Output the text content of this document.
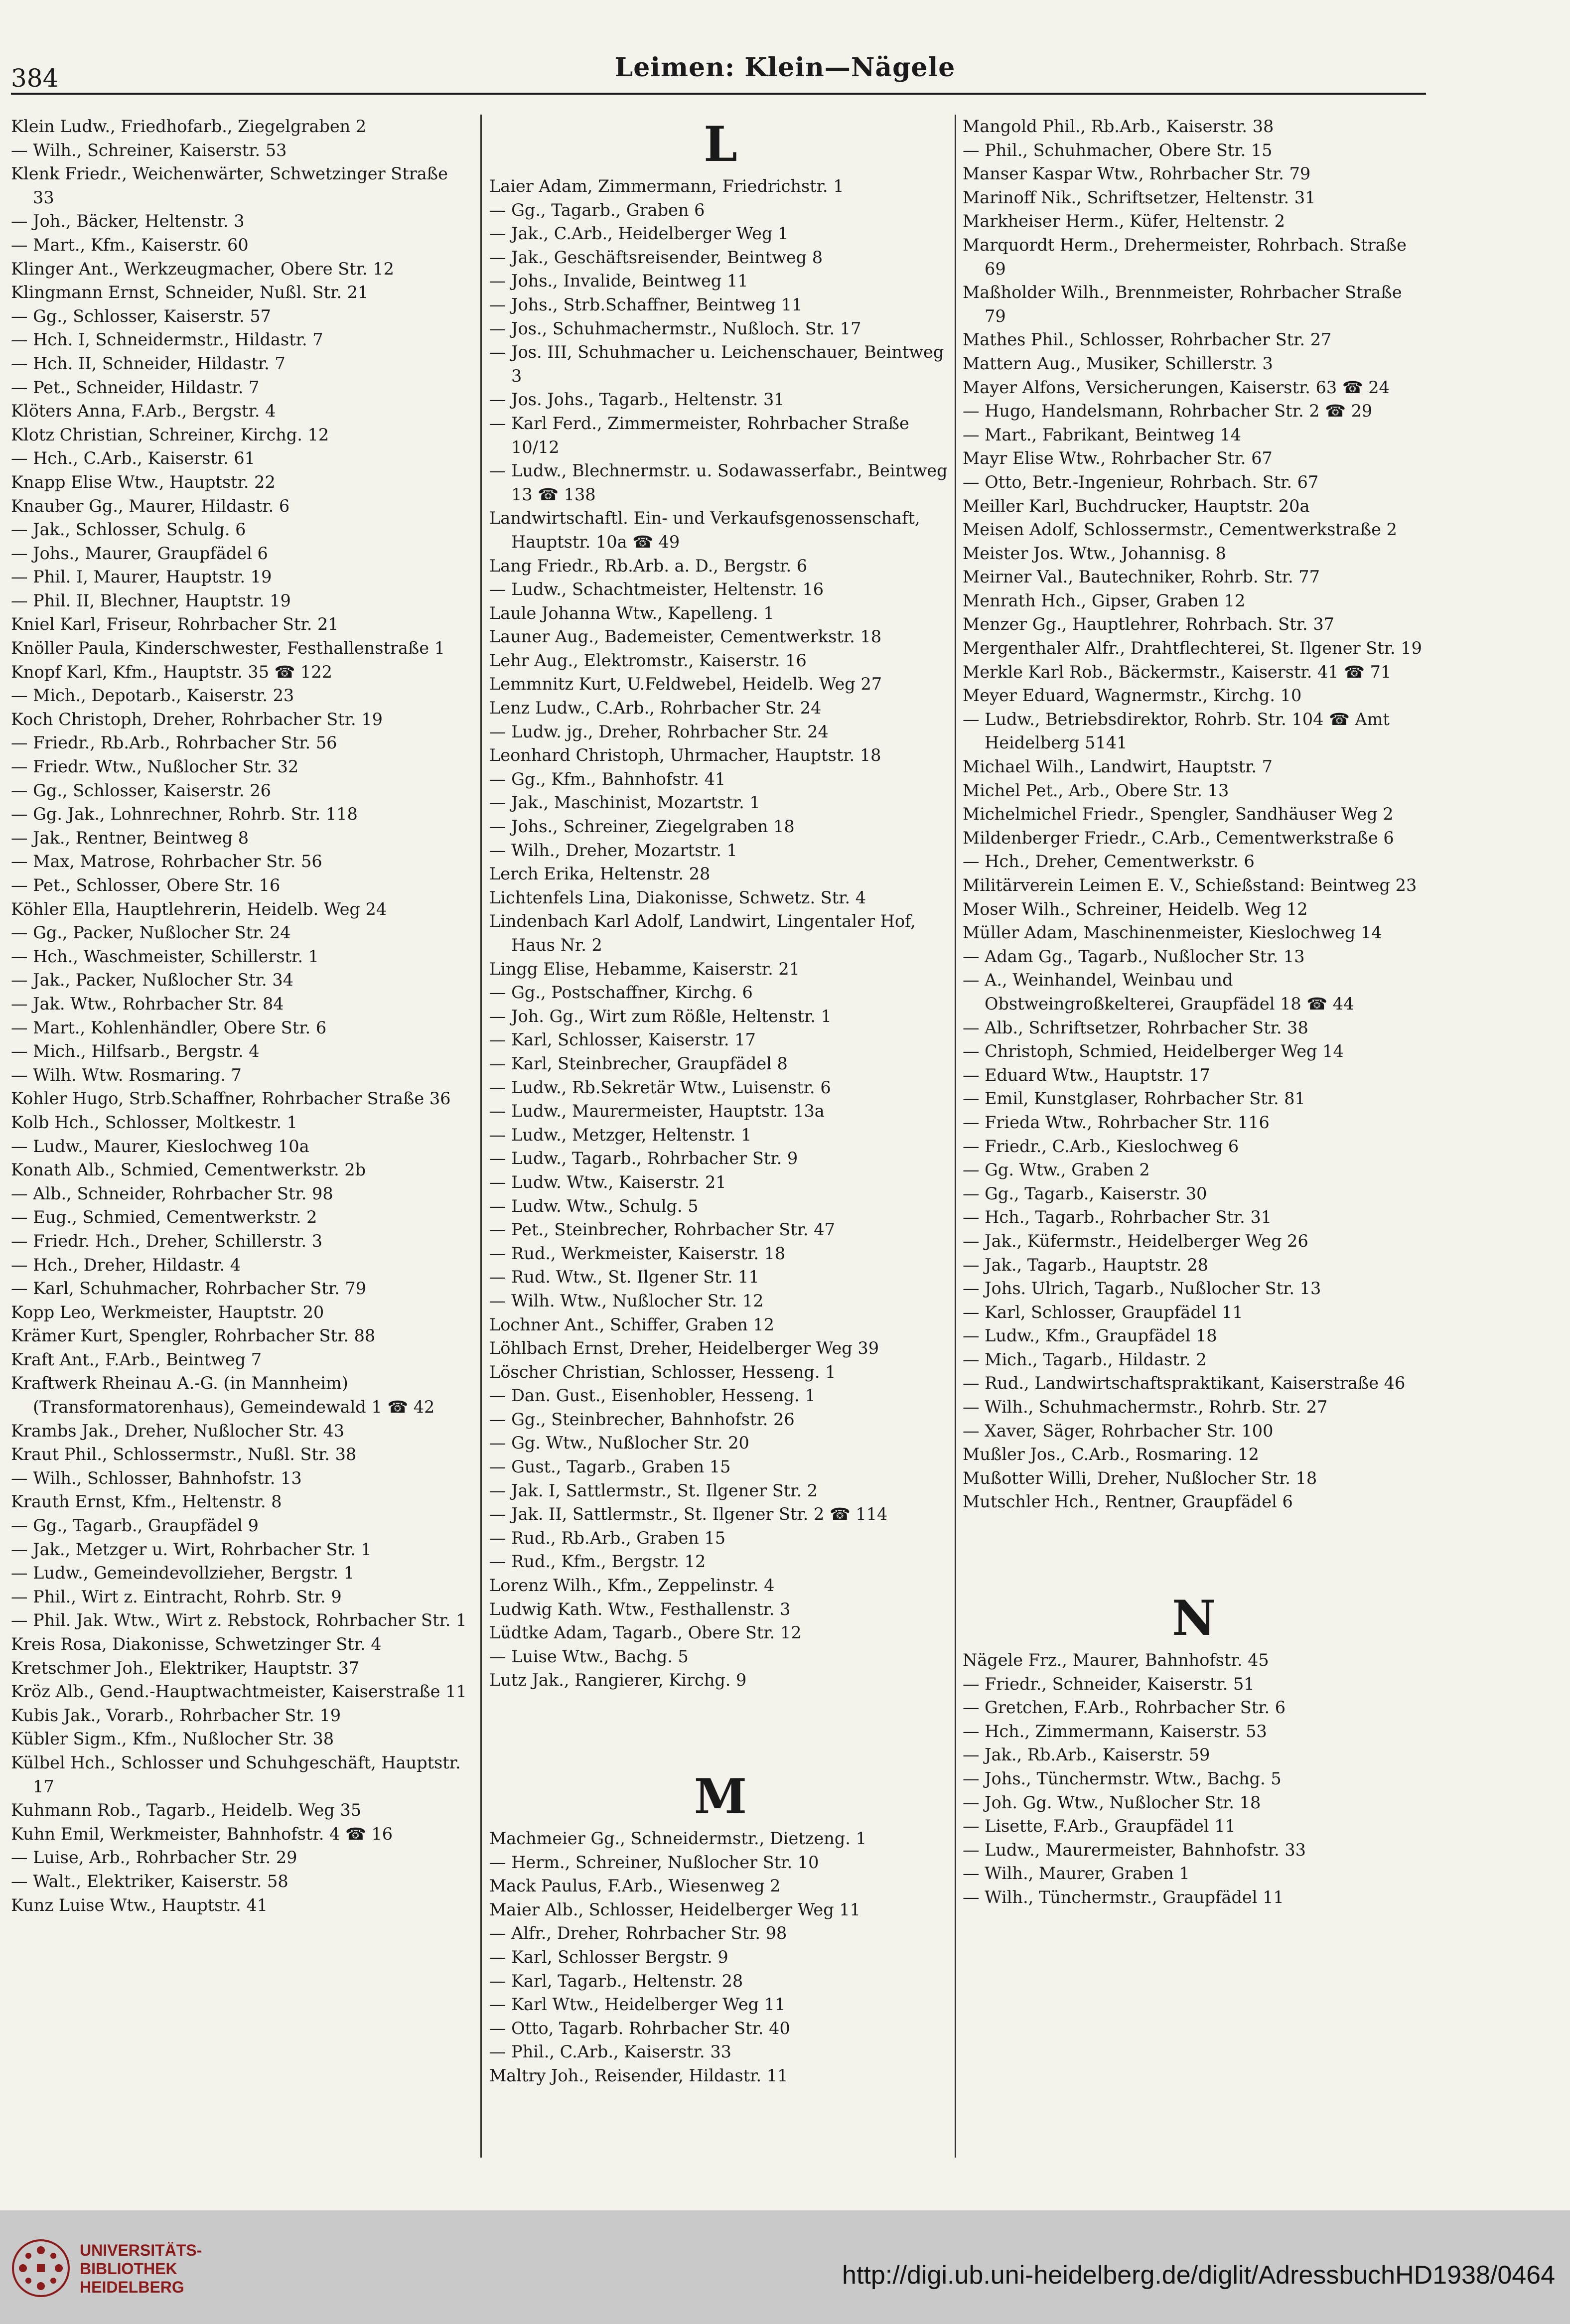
384	Leimen: Klein—Nägele
Klein Ludw., Friedhofarb., Ziegelgraben 2
— Wilh., Schreiner, Kaiserstr. 53
Klenk Friedr., Weichenwärter, Schwetzinger Straße 33
— Joh., Bäcker, Heltenstr. 3
— Mart., Kfm., Kaiserstr. 60
Klinger Ant., Werkzeugmacher, Obere Str. 12
Klingmann Ernst, Schneider, Nußl. Str. 21
— Gg., Schlosser, Kaiserstr. 57
— Hch. I, Schneidermstr., Hildastr. 7
— Hch. II, Schneider, Hildastr. 7
— Pet., Schneider, Hildastr. 7
Klöters Anna, F.Arb., Bergstr. 4
Klotz Christian, Schreiner, Kirchg. 12
— Hch., C.Arb., Kaiserstr. 61
Knapp Elise Wtw., Hauptstr. 22
Knauber Gg., Maurer, Hildastr. 6
— Jak., Schlosser, Schulg. 6
— Johs., Maurer, Graupfädel 6
— Phil. I, Maurer, Hauptstr. 19
— Phil. II, Blechner, Hauptstr. 19
Kniel Karl, Friseur, Rohrbacher Str. 21
Knöller Paula, Kinderschwester, Festhallenstraße 1
Knopf Karl, Kfm., Hauptstr. 35 ☎ 122
— Mich., Depotarb., Kaiserstr. 23
Koch Christoph, Dreher, Rohrbacher Str. 19
— Friedr., Rb.Arb., Rohrbacher Str. 56
— Friedr. Wtw., Nußlocher Str. 32
— Gg., Schlosser, Kaiserstr. 26
— Gg. Jak., Lohnrechner, Rohrb. Str. 118
— Jak., Rentner, Beintweg 8
— Max, Matrose, Rohrbacher Str. 56
— Pet., Schlosser, Obere Str. 16
Köhler Ella, Hauptlehrerin, Heidelb. Weg 24
— Gg., Packer, Nußlocher Str. 24
— Hch., Waschmeister, Schillerstr. 1
— Jak., Packer, Nußlocher Str. 34
— Jak. Wtw., Rohrbacher Str. 84
— Mart., Kohlenhändler, Obere Str. 6
— Mich., Hilfsarb., Bergstr. 4
— Wilh. Wtw. Rosmaring. 7
Kohler Hugo, Strb.Schaffner, Rohrbacher Straße 36
Kolb Hch., Schlosser, Moltkestr. 1
— Ludw., Maurer, Kieslochweg 10a
Konath Alb., Schmied, Cementwerkstr. 2b
— Alb., Schneider, Rohrbacher Str. 98
— Eug., Schmied, Cementwerkstr. 2
— Friedr. Hch., Dreher, Schillerstr. 3
— Hch., Dreher, Hildastr. 4
— Karl, Schuhmacher, Rohrbacher Str. 79
Kopp Leo, Werkmeister, Hauptstr. 20
Krämer Kurt, Spengler, Rohrbacher Str. 88
Kraft Ant., F.Arb., Beintweg 7
Kraftwerk Rheinau A.-G. (in Mannheim) (Transformatorenhaus), Gemeindewald 1 ☎ 42
Krambs Jak., Dreher, Nußlocher Str. 43
Kraut Phil., Schlossermstr., Nußl. Str. 38
— Wilh., Schlosser, Bahnhofstr. 13
Krauth Ernst, Kfm., Heltenstr. 8
— Gg., Tagarb., Graupfädel 9
— Jak., Metzger u. Wirt, Rohrbacher Str. 1
— Ludw., Gemeindevollzieher, Bergstr. 1
— Phil., Wirt z. Eintracht, Rohrb. Str. 9
— Phil. Jak. Wtw., Wirt z. Rebstock, Rohrbacher Str. 1
Kreis Rosa, Diakonisse, Schwetzinger Str. 4
Kretschmer Joh., Elektriker, Hauptstr. 37
Kröz Alb., Gend.-Hauptwachtmeister, Kaiserstraße 11
Kubis Jak., Vorarb., Rohrbacher Str. 19
Kübler Sigm., Kfm., Nußlocher Str. 38
Külbel Hch., Schlosser und Schuhgeschäft, Hauptstr. 17
Kuhmann Rob., Tagarb., Heidelb. Weg 35
Kuhn Emil, Werkmeister, Bahnhofstr. 4 ☎ 16
— Luise, Arb., Rohrbacher Str. 29
— Walt., Elektriker, Kaiserstr. 58
Kunz Luise Wtw., Hauptstr. 41
L
Laier Adam, Zimmermann, Friedrichstr. 1
— Gg., Tagarb., Graben 6
— Jak., C.Arb., Heidelberger Weg 1
— Jak., Geschäftsreisender, Beintweg 8
— Johs., Invalide, Beintweg 11
— Johs., Strb.Schaffner, Beintweg 11
— Jos., Schuhmachermstr., Nußloch. Str. 17
— Jos. III, Schuhmacher u. Leichenschauer, Beintweg 3
— Jos. Johs., Tagarb., Heltenstr. 31
— Karl Ferd., Zimmermeister, Rohrbacher Straße 10/12
— Ludw., Blechnermstr. u. Sodawasserfabr., Beintweg 13 ☎ 138
Landwirtschaftl. Ein- und Verkaufsgenossenschaft, Hauptstr. 10a ☎ 49
Lang Friedr., Rb.Arb. a. D., Bergstr. 6
— Ludw., Schachtmeister, Heltenstr. 16
Laule Johanna Wtw., Kapelleng. 1
Launer Aug., Bademeister, Cementwerkstr. 18
Lehr Aug., Elektromstr., Kaiserstr. 16
Lemmnitz Kurt, U.Feldwebel, Heidelb. Weg 27
Lenz Ludw., C.Arb., Rohrbacher Str. 24
— Ludw. jg., Dreher, Rohrbacher Str. 24
Leonhard Christoph, Uhrmacher, Hauptstr. 18
— Gg., Kfm., Bahnhofstr. 41
— Jak., Maschinist, Mozartstr. 1
— Johs., Schreiner, Ziegelgraben 18
— Wilh., Dreher, Mozartstr. 1
Lerch Erika, Heltenstr. 28
Lichtenfels Lina, Diakonisse, Schwetz. Str. 4
Lindenbach Karl Adolf, Landwirt, Lingentaler Hof, Haus Nr. 2
Lingg Elise, Hebamme, Kaiserstr. 21
— Gg., Postschaffner, Kirchg. 6
— Joh. Gg., Wirt zum Rößle, Heltenstr. 1
— Karl, Schlosser, Kaiserstr. 17
— Karl, Steinbrecher, Graupfädel 8
— Ludw., Rb.Sekretär Wtw., Luisenstr. 6
— Ludw., Maurermeister, Hauptstr. 13a
— Ludw., Metzger, Heltenstr. 1
— Ludw., Tagarb., Rohrbacher Str. 9
— Ludw. Wtw., Kaiserstr. 21
— Ludw. Wtw., Schulg. 5
— Pet., Steinbrecher, Rohrbacher Str. 47
— Rud., Werkmeister, Kaiserstr. 18
— Rud. Wtw., St. Ilgener Str. 11
— Wilh. Wtw., Nußlocher Str. 12
Lochner Ant., Schiffer, Graben 12
Löhlbach Ernst, Dreher, Heidelberger Weg 39
Löscher Christian, Schlosser, Hesseng. 1
— Dan. Gust., Eisenhobler, Hesseng. 1
— Gg., Steinbrecher, Bahnhofstr. 26
— Gg. Wtw., Nußlocher Str. 20
— Gust., Tagarb., Graben 15
— Jak. I, Sattlermstr., St. Ilgener Str. 2
— Jak. II, Sattlermstr., St. Ilgener Str. 2 ☎ 114
— Rud., Rb.Arb., Graben 15
— Rud., Kfm., Bergstr. 12
Lorenz Wilh., Kfm., Zeppelinstr. 4
Ludwig Kath. Wtw., Festhallenstr. 3
Lüdtke Adam, Tagarb., Obere Str. 12
— Luise Wtw., Bachg. 5
Lutz Jak., Rangierer, Kirchg. 9
M
Machmeier Gg., Schneidermstr., Dietzeng. 1
— Herm., Schreiner, Nußlocher Str. 10
Mack Paulus, F.Arb., Wiesenweg 2
Maier Alb., Schlosser, Heidelberger Weg 11
— Alfr., Dreher, Rohrbacher Str. 98
— Karl, Schlosser Bergstr. 9
— Karl, Tagarb., Heltenstr. 28
— Karl Wtw., Heidelberger Weg 11
— Otto, Tagarb. Rohrbacher Str. 40
— Phil., C.Arb., Kaiserstr. 33
Maltry Joh., Reisender, Hildastr. 11
Mangold Phil., Rb.Arb., Kaiserstr. 38
— Phil., Schuhmacher, Obere Str. 15
Manser Kaspar Wtw., Rohrbacher Str. 79
Marinoff Nik., Schriftsetzer, Heltenstr. 31
Markheiser Herm., Küfer, Heltenstr. 2
Marquordt Herm., Drehermeister, Rohrbach. Straße 69
Maßholder Wilh., Brennmeister, Rohrbacher Straße 79
Mathes Phil., Schlosser, Rohrbacher Str. 27
Mattern Aug., Musiker, Schillerstr. 3
Mayer Alfons, Versicherungen, Kaiserstr. 63 ☎ 24
— Hugo, Handelsmann, Rohrbacher Str. 2 ☎ 29
— Mart., Fabrikant, Beintweg 14
Mayr Elise Wtw., Rohrbacher Str. 67
— Otto, Betr.-Ingenieur, Rohrbach. Str. 67
Meiller Karl, Buchdrucker, Hauptstr. 20a
Meisen Adolf, Schlossermstr., Cementwerkstraße 2
Meister Jos. Wtw., Johannisg. 8
Meirner Val., Bautechniker, Rohrb. Str. 77
Menrath Hch., Gipser, Graben 12
Menzer Gg., Hauptlehrer, Rohrbach. Str. 37
Mergenthaler Alfr., Drahtflechterei, St. Ilgener Str. 19
Merkle Karl Rob., Bäckermstr., Kaiserstr. 41 ☎ 71
Meyer Eduard, Wagnermstr., Kirchg. 10
— Ludw., Betriebsdirektor, Rohrb. Str. 104 ☎ Amt Heidelberg 5141
Michael Wilh., Landwirt, Hauptstr. 7
Michel Pet., Arb., Obere Str. 13
Michelmichel Friedr., Spengler, Sandhäuser Weg 2
Mildenberger Friedr., C.Arb., Cementwerkstraße 6
— Hch., Dreher, Cementwerkstr. 6
Militärverein Leimen E. V., Schießstand: Beintweg 23
Moser Wilh., Schreiner, Heidelb. Weg 12
Müller Adam, Maschinenmeister, Kieslochweg 14
— Adam Gg., Tagarb., Nußlocher Str. 13
— A., Weinhandel, Weinbau und Obstweingroßkelterei, Graupfädel 18 ☎ 44
— Alb., Schriftsetzer, Rohrbacher Str. 38
— Christoph, Schmied, Heidelberger Weg 14
— Eduard Wtw., Hauptstr. 17
— Emil, Kunstglaser, Rohrbacher Str. 81
— Frieda Wtw., Rohrbacher Str. 116
— Friedr., C.Arb., Kieslochweg 6
— Gg. Wtw., Graben 2
— Gg., Tagarb., Kaiserstr. 30
— Hch., Tagarb., Rohrbacher Str. 31
— Jak., Küfermstr., Heidelberger Weg 26
— Jak., Tagarb., Hauptstr. 28
— Johs. Ulrich, Tagarb., Nußlocher Str. 13
— Karl, Schlosser, Graupfädel 11
— Ludw., Kfm., Graupfädel 18
— Mich., Tagarb., Hildastr. 2
— Rud., Landwirtschaftspraktikant, Kaiserstraße 46
— Wilh., Schuhmachermstr., Rohrb. Str. 27
— Xaver, Säger, Rohrbacher Str. 100
Mußler Jos., C.Arb., Rosmaring. 12
Mußotter Willi, Dreher, Nußlocher Str. 18
Mutschler Hch., Rentner, Graupfädel 6
N
Nägele Frz., Maurer, Bahnhofstr. 45
— Friedr., Schneider, Kaiserstr. 51
— Gretchen, F.Arb., Rohrbacher Str. 6
— Hch., Zimmermann, Kaiserstr. 53
— Jak., Rb.Arb., Kaiserstr. 59
— Johs., Tünchermstr. Wtw., Bachg. 5
— Joh. Gg. Wtw., Nußlocher Str. 18
— Lisette, F.Arb., Graupfädel 11
— Ludw., Maurermeister, Bahnhofstr. 33
— Wilh., Maurer, Graben 1
— Wilh., Tünchermstr., Graupfädel 11
UNIVERSITÄTS-
BIBLIOTHEK
HEIDELBERG	http://digi.ub.uni-heidelberg.de/diglit/AdressbuchHD1938/0464
